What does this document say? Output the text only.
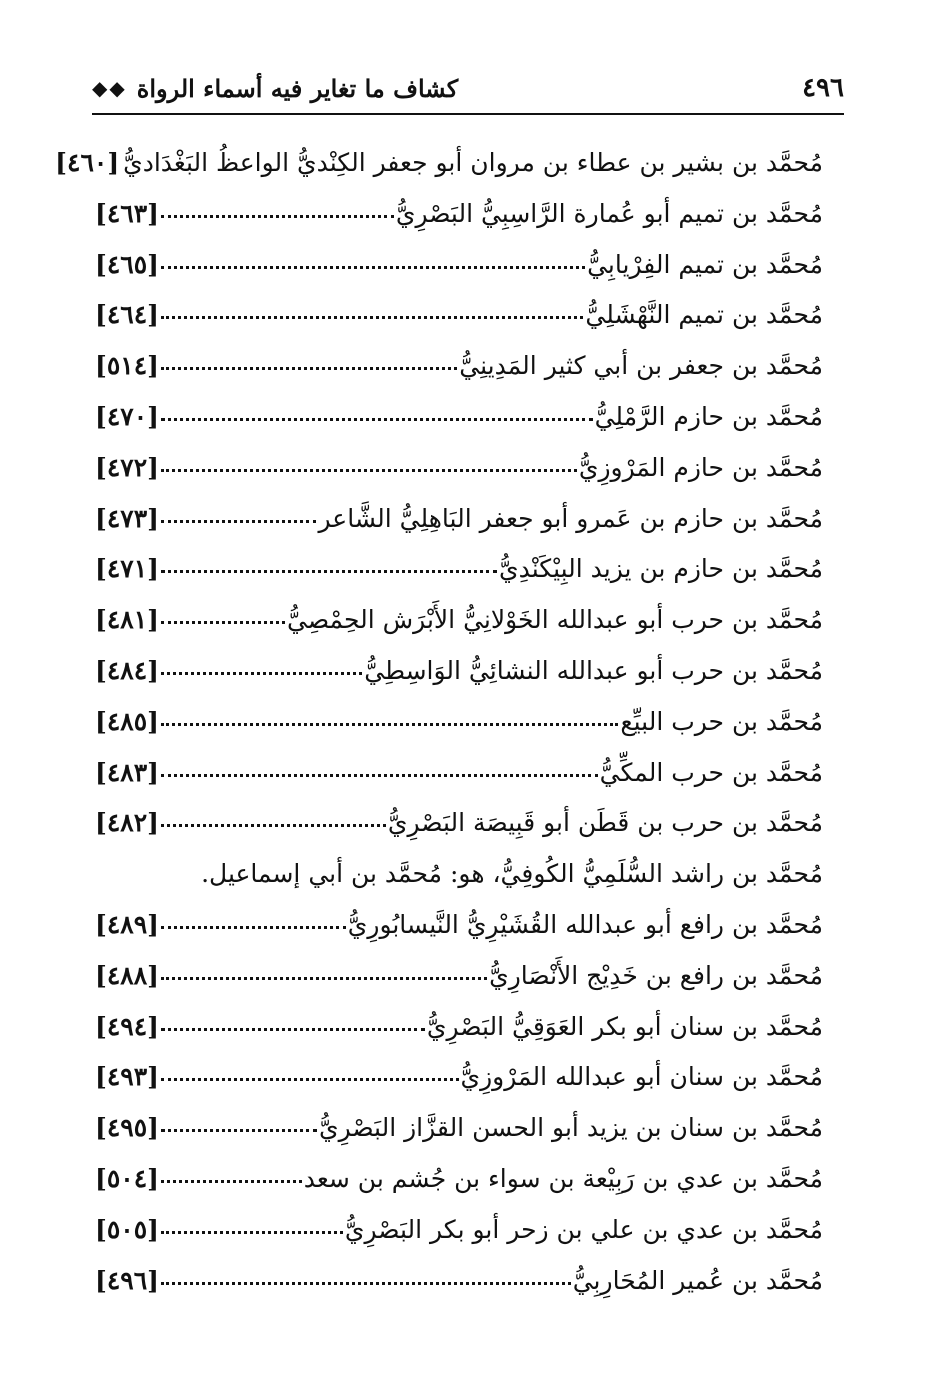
٤٩٦
كشاف ما تغاير فيه أسماء الرواة
◆◆
مُحمَّد بن بشير بن عطاء بن مروان أبو جعفر الكِنْديُّ الواعظُ البَغْدَاديُّ
[٤٦٠]
مُحمَّد بن تميم أبو عُمارة الرَّاسِبِيُّ البَصْرِيُّ
[٤٦٣]
مُحمَّد بن تميم الفِرْيابِيُّ
[٤٦٥]
مُحمَّد بن تميم النَّهْشَلِيُّ
[٤٦٤]
مُحمَّد بن جعفر بن أبي كثير المَدِينِيُّ
[٥١٤]
مُحمَّد بن حازم الرَّمْلِيُّ
[٤٧٠]
مُحمَّد بن حازم المَرْوزِيُّ
[٤٧٢]
مُحمَّد بن حازم بن عَمرو أبو جعفر البَاهِلِيُّ الشَّاعر
[٤٧٣]
مُحمَّد بن حازم بن يزيد البِيْكَنْدِيُّ
[٤٧١]
مُحمَّد بن حرب أبو عبدالله الخَوْلانِيُّ الأَبْرَش الحِمْصِيُّ
[٤٨١]
مُحمَّد بن حرب أبو عبدالله النشائِيُّ الوَاسِطِيُّ
[٤٨٤]
مُحمَّد بن حرب البيِّع
[٤٨٥]
مُحمَّد بن حرب المكِّيُّ
[٤٨٣]
مُحمَّد بن حرب بن قَطَن أبو قَبِيصَة البَصْرِيُّ
[٤٨٢]
مُحمَّد بن راشد السُّلَمِيُّ الكُوفِيُّ، هو: مُحمَّد بن أبي إسماعيل.
مُحمَّد بن رافع أبو عبدالله القُشَيْرِيُّ النَّيسابُورِيُّ
[٤٨٩]
مُحمَّد بن رافع بن خَدِيْج الأَنْصَارِيُّ
[٤٨٨]
مُحمَّد بن سنان أبو بكر العَوَقِيُّ البَصْرِيُّ
[٤٩٤]
مُحمَّد بن سنان أبو عبدالله المَرْوزِيُّ
[٤٩٣]
مُحمَّد بن سنان بن يزيد أبو الحسن القزَّاز البَصْرِيُّ
[٤٩٥]
مُحمَّد بن عدي بن رَبِيْعة بن سواء بن جُشم بن سعد
[٥٠٤]
مُحمَّد بن عدي بن علي بن زحر أبو بكر البَصْرِيُّ
[٥٠٥]
مُحمَّد بن عُمير المُحَارِبِيُّ
[٤٩٦]
